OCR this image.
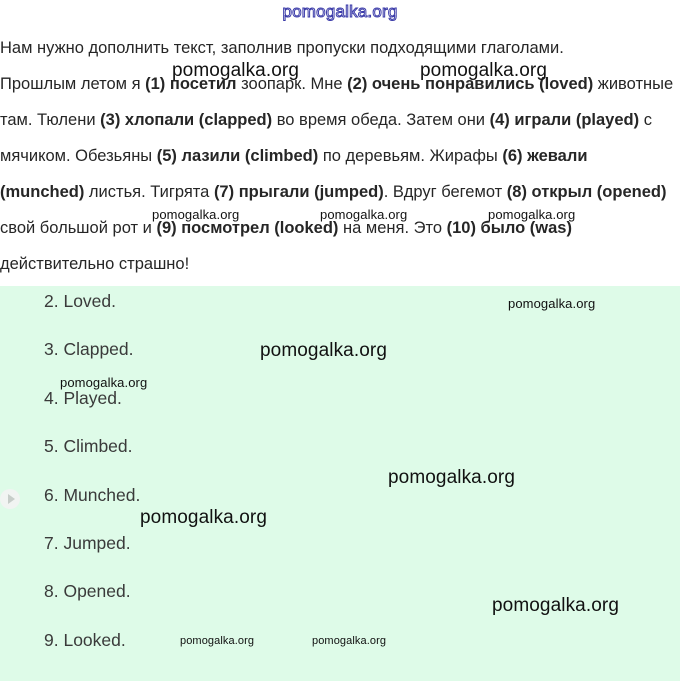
pomogalka.org

Нам нужно дополнить текст, заполнив пропуски подходящими глаголами.

Прошлым летом я (1) посетил зоопарк. Мне (2) очень понравились (loved) животные там. Тюлени (3) хлопали (clapped) во время обеда. Затем они (4) играли (played) с мячиком. Обезьяны (5) лазили (climbed) по деревьям. Жирафы (6) жевали (munched) листья. Тигрята (7) прыгали (jumped). Вдруг бегемот (8) открыл (opened) свой большой рот и (9) посмотрел (looked) на меня. Это (10) было (was) действительно страшно!

2. Loved.
3. Clapped.
4. Played.
5. Climbed.
6. Munched.
7. Jumped.
8. Opened.
9. Looked.
pomogalka.org	pomogalka.org
pomogalka.org	pomogalka.org	pomogalka.org
pomogalka.org
pomogalka.org
pomogalka.org
pomogalka.org
pomogalka.org
pomogalka.org
pomogalka.org	pomogalka.org
